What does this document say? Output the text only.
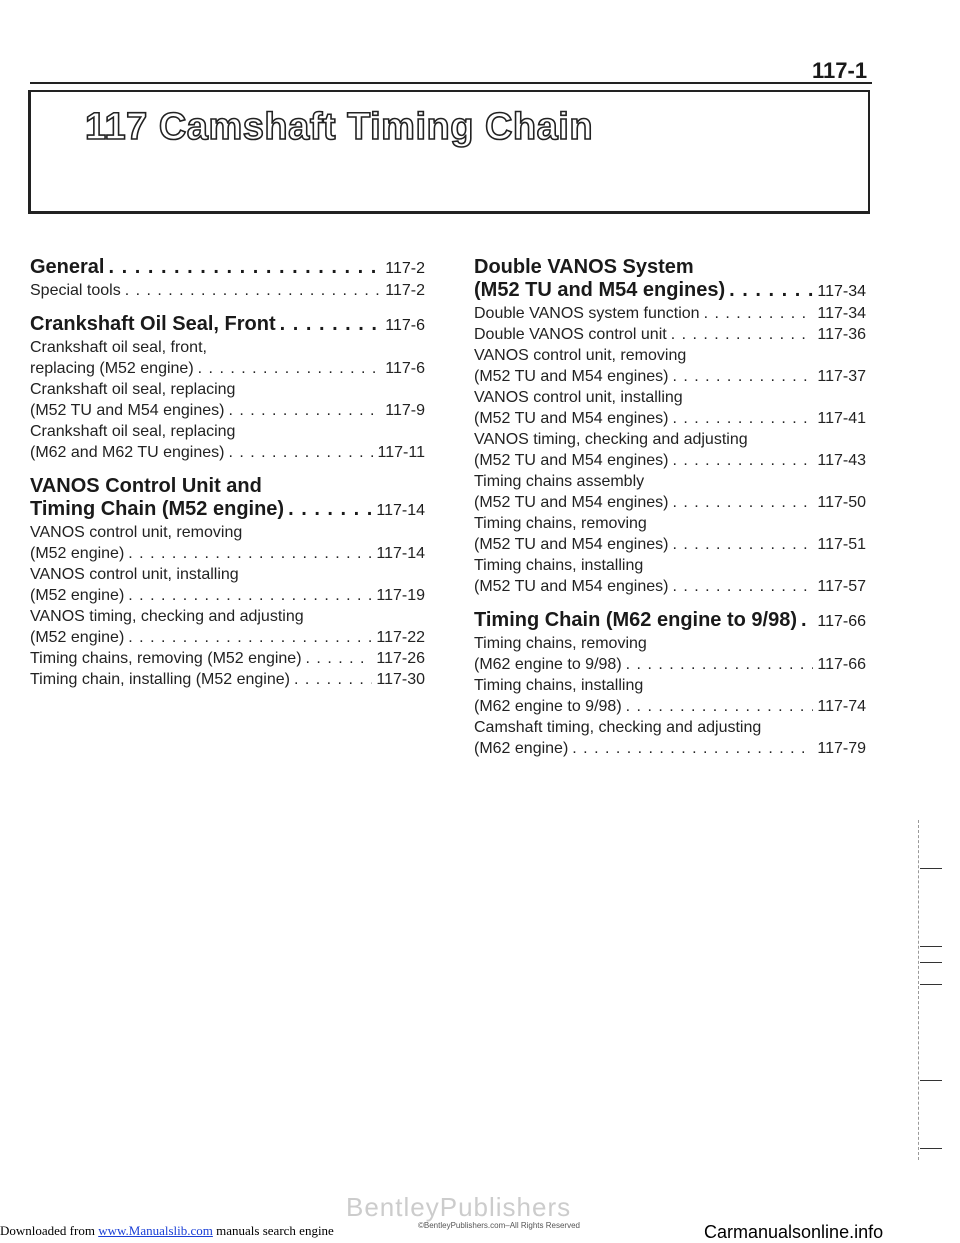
117-1
117 Camshaft Timing Chain
General . . .	117-2
Special tools . . .	117-2
Crankshaft Oil Seal, Front . . .	117-6
Crankshaft oil seal, front,
replacing (M52 engine) . . .	117-6
Crankshaft oil seal, replacing
(M52 TU and M54 engines) . . .	117-9
Crankshaft oil seal, replacing
(M62 and M62 TU engines) . . .	117-11
VANOS Control Unit and
Timing Chain (M52 engine) . . .	117-14
VANOS control unit, removing
(M52 engine) . . .	117-14
VANOS control unit, installing
(M52 engine) . . .	117-19
VANOS timing, checking and adjusting
(M52 engine) . . .	117-22
Timing chains, removing (M52 engine) . . .	117-26
Timing chain, installing (M52 engine) . . .	117-30
Double VANOS System
(M52 TU and M54 engines) . . .	117-34
Double VANOS system function . . .	117-34
Double VANOS control unit . . .	117-36
VANOS control unit, removing
(M52 TU and M54 engines) . . .	117-37
VANOS control unit, installing
(M52 TU and M54 engines) . . .	117-41
VANOS timing, checking and adjusting
(M52 TU and M54 engines) . . .	117-43
Timing chains assembly
(M52 TU and M54 engines) . . .	117-50
Timing chains, removing
(M52 TU and M54 engines) . . .	117-51
Timing chains, installing
(M52 TU and M54 engines) . . .	117-57
Timing Chain (M62 engine to 9/98) . . . 117-66
Timing chains, removing
(M62 engine to 9/98) . . .	117-66
Timing chains, installing
(M62 engine to 9/98) . . .	117-74
Camshaft timing, checking and adjusting
(M62 engine) . . .	117-79
BentleyPublishers
©BentleyPublishers.com–All Rights Reserved
Downloaded from www.Manualslib.com manuals search engine	Carmanualsonline.info
